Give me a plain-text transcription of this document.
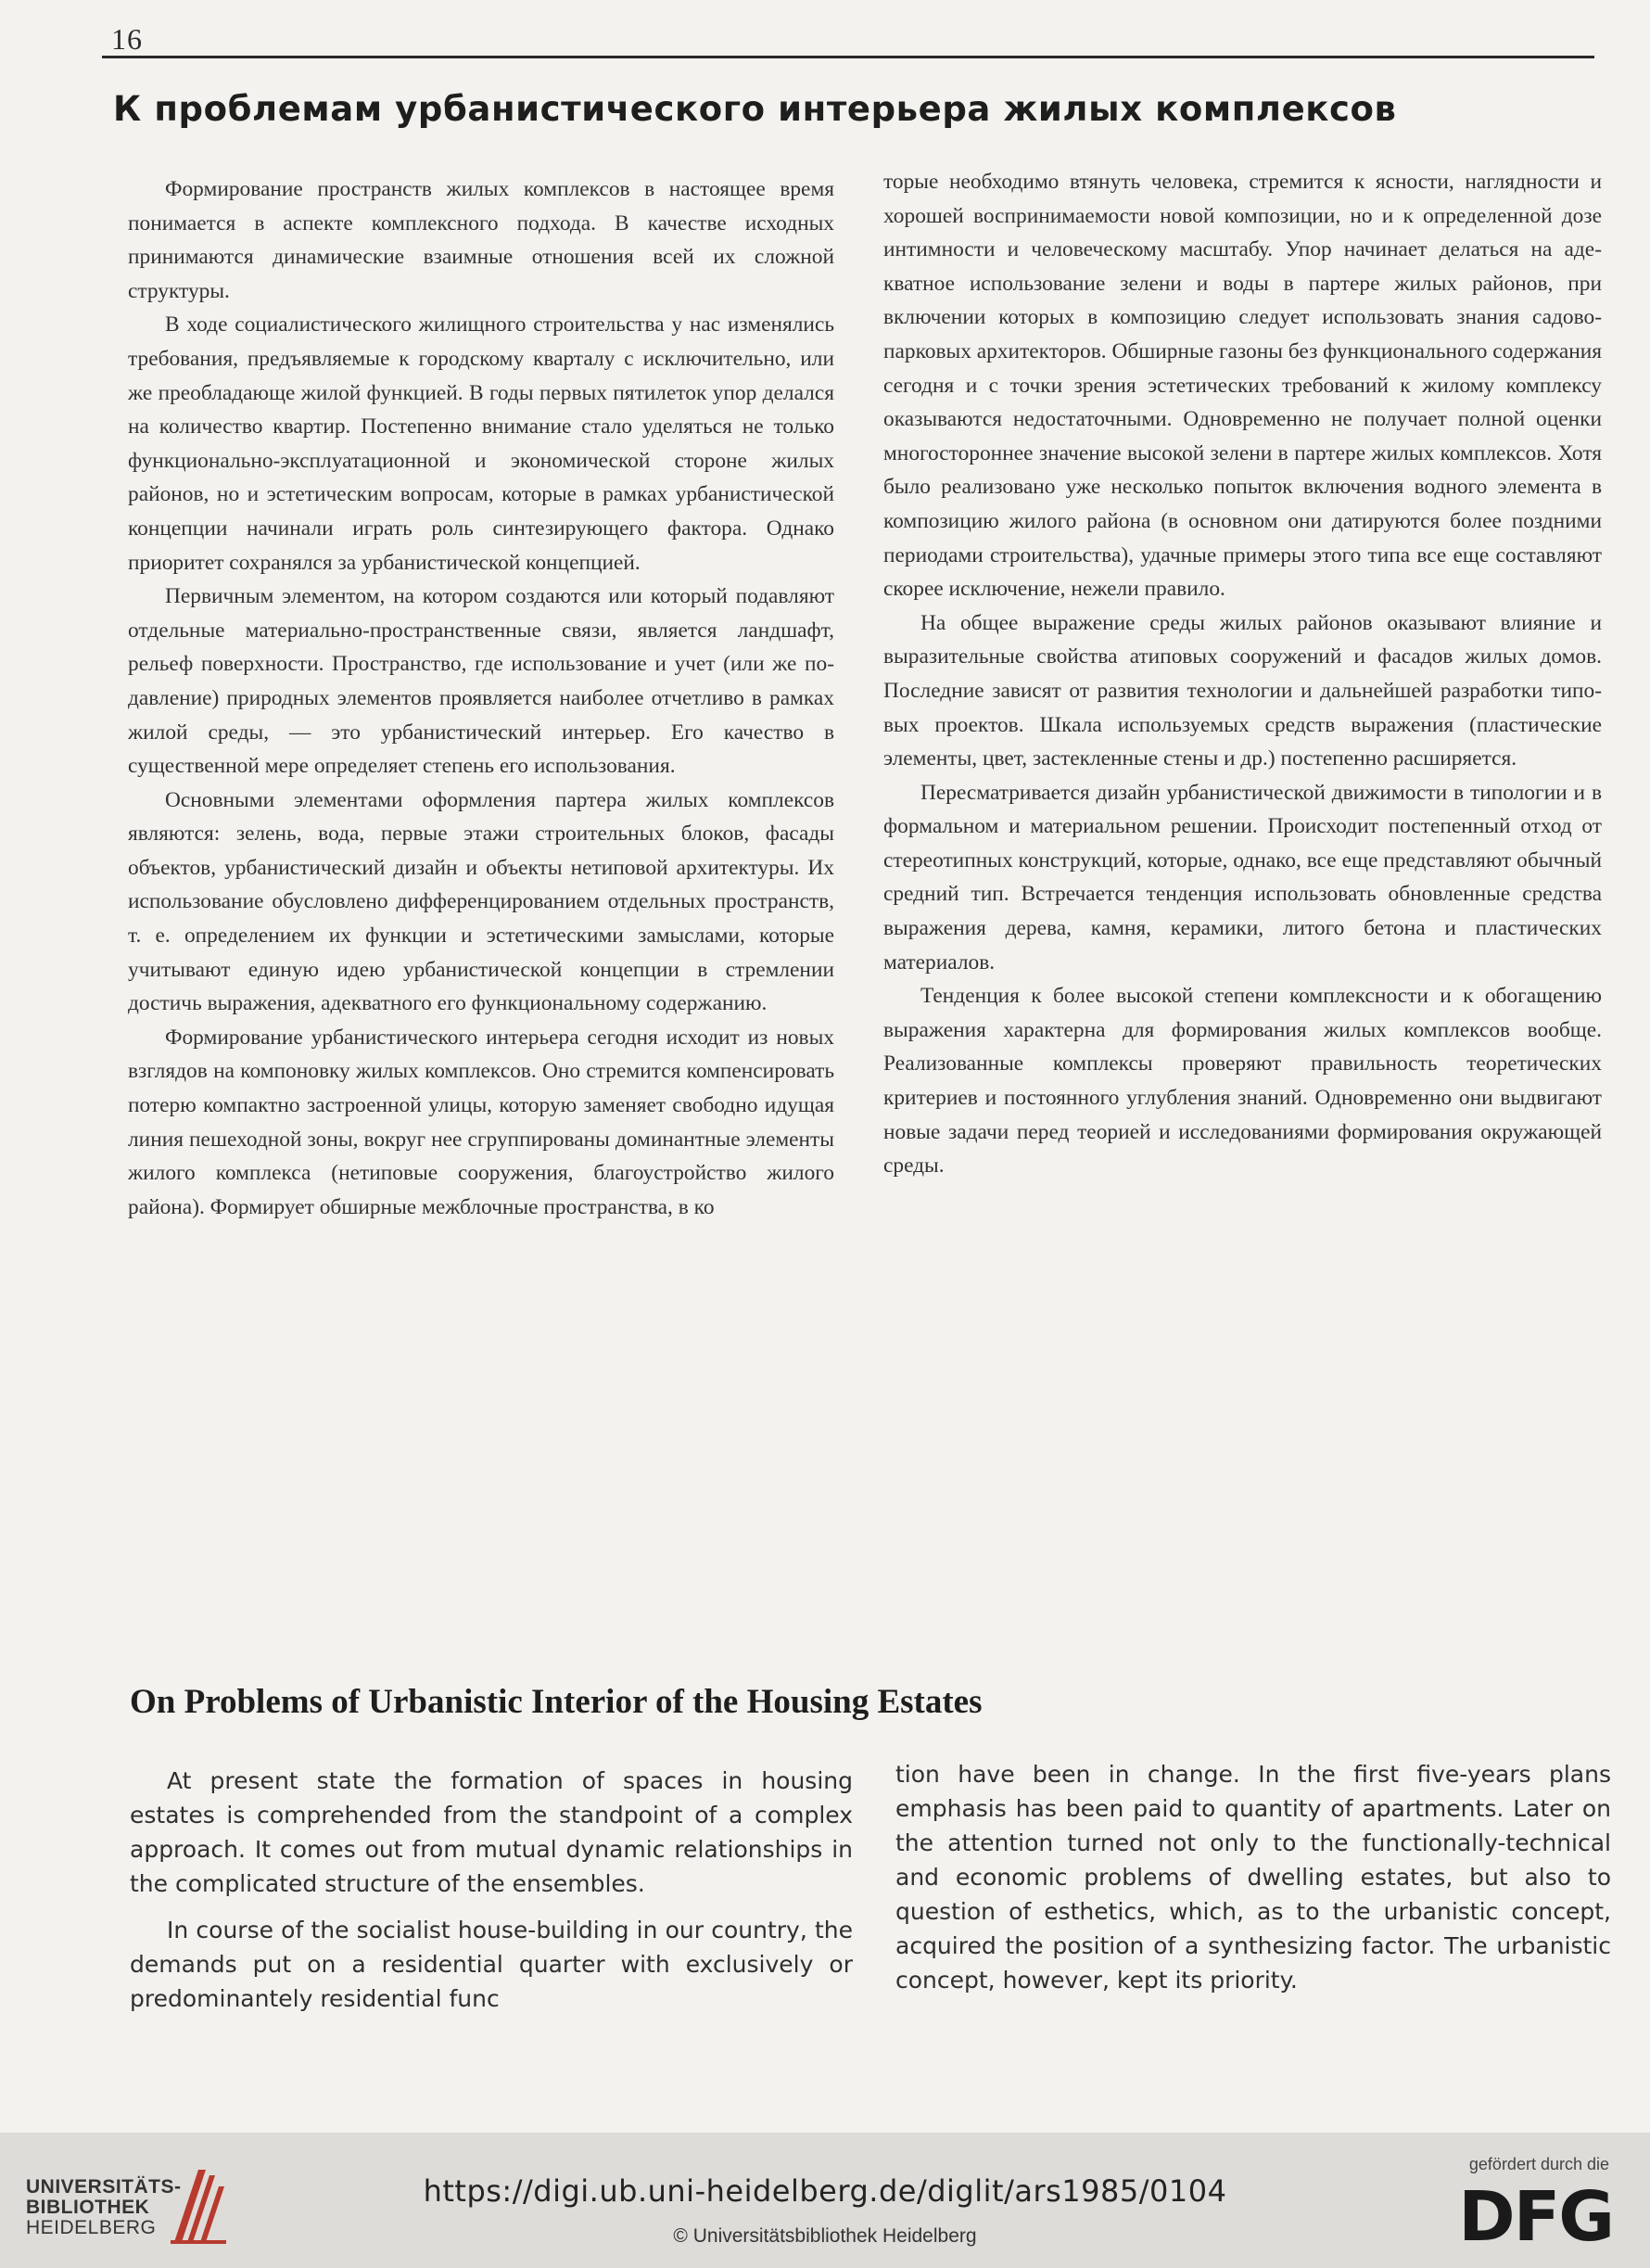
16
К проблемам урбанистического интерьера жилых комплексов

Формирование пространств жилых комплексов в настоящее время понимается в аспекте комплексного подхода. В качестве исходных принимаются динамические взаимные отношения всей их сложной структуры.

В ходе социалистического жилищного строительства у нас изменялись требования, предъявляемые к городскому кварталу с исключительно, или же преобладающе жилой функцией. В годы первых пятилеток упор делался на количество квартир. Постепенно внимание стало уделяться не только функционально-эксплуатационной и экономической стороне жилых районов, но и эстетическим вопросам, которые в рамках урбанистической концепции начинали играть роль синтезирующего фактора. Однако приоритет сохранялся за урбанистической концепцией.

Первичным элементом, на котором создаются или который подавляют отдельные материально-пространственные связи, является ландшафт, рельеф поверхности. Пространство, где использование и учет (или же подавление) природных элементов проявляется наиболее отчетливо в рамках жилой среды, — это урбанистический интерьер. Его качество в существенной мере определяет степень его использования.

Основными элементами оформления партера жилых комплексов являются: зелень, вода, первые этажи строительных блоков, фасады объектов, урбанистический дизайн и объекты нетиповой архитектуры. Их использование обусловлено дифференцированием отдельных пространств, т. е. определением их функции и эстетическими замыслами, которые учитывают единую идею урбанистической концепции в стремлении достичь выражения, адекватного его функциональному содержанию.

Формирование урбанистического интерьера сегодня исходит из новых взглядов на компоновку жилых комплексов. Оно стремится компенсировать потерю компактно застроенной улицы, которую заменяет свободно идущая линия пешеходной зоны, вокруг нее сгруппированы доминантные элементы жилого комплекса (нетиповые сооружения, благоустройство жилого района). Формирует обширные межблочные пространства, в ко

торые необходимо втянуть человека, стремится к ясности, наглядности и хорошей воспринимаемости новой композиции, но и к определенной дозе интимности и человеческому масштабу. Упор начинает делаться на адекватное использование зелени и воды в партере жилых районов, при включении которых в композицию следует использовать знания садово-парковых архитекторов. Обширные газоны без функционального содержания сегодня и с точки зрения эстетических требований к жилому комплексу оказываются недостаточными. Одновременно не получает полной оценки многостороннее значение высокой зелени в партере жилых комплексов. Хотя было реализовано уже несколько попыток включения водного элемента в композицию жилого района (в основном они датируются более поздними периодами строительства), удачные примеры этого типа все еще составляют скорее исключение, нежели правило.

На общее выражение среды жилых районов оказывают влияние и выразительные свойства атиповых сооружений и фасадов жилых домов. Последние зависят от развития технологии и дальнейшей разработки типовых проектов. Шкала используемых средств выражения (пластические элементы, цвет, застекленные стены и др.) постепенно расширяется.

Пересматривается дизайн урбанистической движимости в типологии и в формальном и материальном решении. Происходит постепенный отход от стереотипных конструкций, которые, однако, все еще представляют обычный средний тип. Встречается тенденция использовать обновленные средства выражения дерева, камня, керамики, литого бетона и пластических материалов.

Тенденция к более высокой степени комплексности и к обогащению выражения характерна для формирования жилых комплексов вообще. Реализованные комплексы проверяют правильность теоретических критериев и постоянного углубления знаний. Одновременно они выдвигают новые задачи перед теорией и исследованиями формирования окружающей среды.

On Problems of Urbanistic Interior of the Housing Estates

At present state the formation of spaces in housing estates is comprehended from the standpoint of a complex approach. It comes out from mutual dynamic relationships in the complicated structure of the ensembles.

In course of the socialist house-building in our country, the demands put on a residential quarter with exclusively or predominantely residential func

tion have been in change. In the first five-years plans emphasis has been paid to quantity of apartments. Later on the attention turned not only to the functionally-technical and economic problems of dwelling estates, but also to question of esthetics, which, as to the urbanistic concept, acquired the position of a synthesizing factor. The urbanistic concept, however, kept its priority.

UNIVERSITÄTS-
BIBLIOTHEK
HEIDELBERG
https://digi.ub.uni-heidelberg.de/diglit/ars1985/0104
© Universitätsbibliothek Heidelberg
gefördert durch die
DFG
